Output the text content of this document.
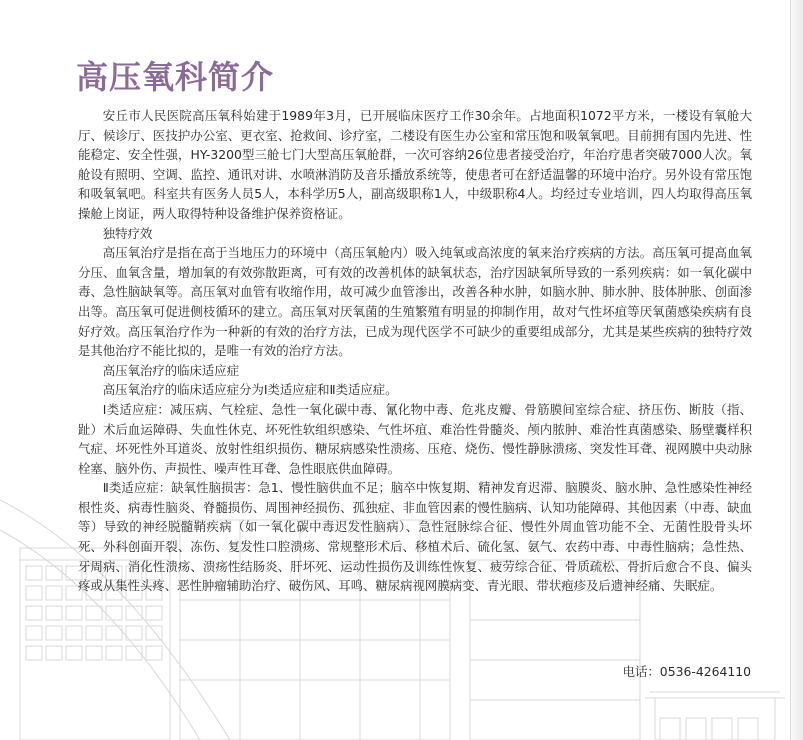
高压氧科简介

安丘市人民医院高压氧科始建于1989年3月，已开展临床医疗工作30余年。占地面积1072平方米，一楼设有氧舱大厅、候诊厅、医技护办公室、更衣室、抢救间、诊疗室，二楼设有医生办公室和常压饱和吸氧氧吧。目前拥有国内先进、性能稳定、安全性强，HY-3200型三舱七门大型高压氧舱群，一次可容纳26位患者接受治疗，年治疗患者突破7000人次。氧舱设有照明、空调、监控、通讯对讲、水喷淋消防及音乐播放系统等，使患者可在舒适温馨的环境中治疗。另外设有常压饱和吸氧氧吧。科室共有医务人员5人，本科学历5人，副高级职称1人，中级职称4人。均经过专业培训，四人均取得高压氧操舱上岗证，两人取得特种设备维护保养资格证。

独特疗效

高压氧治疗是指在高于当地压力的环境中（高压氧舱内）吸入纯氧或高浓度的氧来治疗疾病的方法。高压氧可提高血氧分压、血氧含量，增加氧的有效弥散距离，可有效的改善机体的缺氧状态，治疗因缺氧所导致的一系列疾病：如一氧化碳中毒、急性脑缺氧等。高压氧对血管有收缩作用，故可减少血管渗出，改善各种水肿，如脑水肿、肺水肿、肢体肿胀、创面渗出等。高压氧可促进侧枝循环的建立。高压氧对厌氧菌的生殖繁殖有明显的抑制作用，故对气性坏疽等厌氧菌感染疾病有良好疗效。高压氧治疗作为一种新的有效的治疗方法，已成为现代医学不可缺少的重要组成部分，尤其是某些疾病的独特疗效是其他治疗不能比拟的，是唯一有效的治疗方法。

高压氧治疗的临床适应症

高压氧治疗的临床适应症分为Ⅰ类适应症和Ⅱ类适应症。

Ⅰ类适应症：减压病、气栓症、急性一氧化碳中毒、氰化物中毒、危兆皮瓣、骨筋膜间室综合症、挤压伤、断肢（指、趾）术后血运障碍、失血性休克、坏死性软组织感染、气性坏疽、难治性骨髓炎、颅内脓肿、难治性真菌感染、肠壁囊样积气症、坏死性外耳道炎、放射性组织损伤、糖尿病感染性溃疡、压疮、烧伤、慢性静脉溃疡、突发性耳聋、视网膜中央动脉栓塞、脑外伤、声损性、噪声性耳聋、急性眼底供血障碍。

Ⅱ类适应症：缺氧性脑损害：急1、慢性脑供血不足；脑卒中恢复期、精神发育迟滞、脑膜炎、脑水肿、急性感染性神经根性炎、病毒性脑炎、脊髓损伤、周围神经损伤、孤独症、非血管因素的慢性脑病、认知功能障碍、其他因素（中毒、缺血等）导致的神经脱髓鞘疾病（如一氧化碳中毒迟发性脑病）、急性冠脉综合征、慢性外周血管功能不全、无菌性股骨头坏死、外科创面开裂、冻伤、复发性口腔溃疡、常规整形术后、移植术后、硫化氢、氨气、农药中毒、中毒性脑病；急性热、牙周病、消化性溃疡、溃疡性结肠炎、肝坏死、运动性损伤及训练性恢复、疲劳综合征、骨质疏松、骨折后愈合不良、偏头疼或从集性头疼、恶性肿瘤辅助治疗、破伤风、耳鸣、糖尿病视网膜病变、青光眼、带状疱疹及后遗神经痛、失眠症。

电话：0536-4264110
